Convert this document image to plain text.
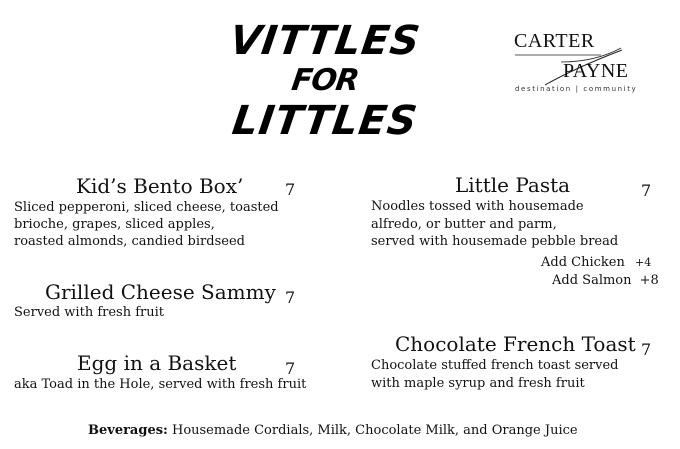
VITTLES
FOR
LITTLES
CARTER
PAYNE
destination | community
Kid’s Bento Box’	7
Sliced pepperoni, sliced cheese, toasted
brioche, grapes, sliced apples,
roasted almonds, candied birdseed
Grilled Cheese Sammy 7
Served with fresh fruit
Egg in a Basket	7
aka Toad in the Hole, served with fresh fruit
Little Pasta	7
Noodles tossed with housemade
alfredo, or butter and parm,
served with housemade pebble bread
Add Chicken +4
Add Salmon +8
Chocolate French Toast 7
Chocolate stuffed french toast served
with maple syrup and fresh fruit
Beverages: Housemade Cordials, Milk, Chocolate Milk, and Orange Juice
